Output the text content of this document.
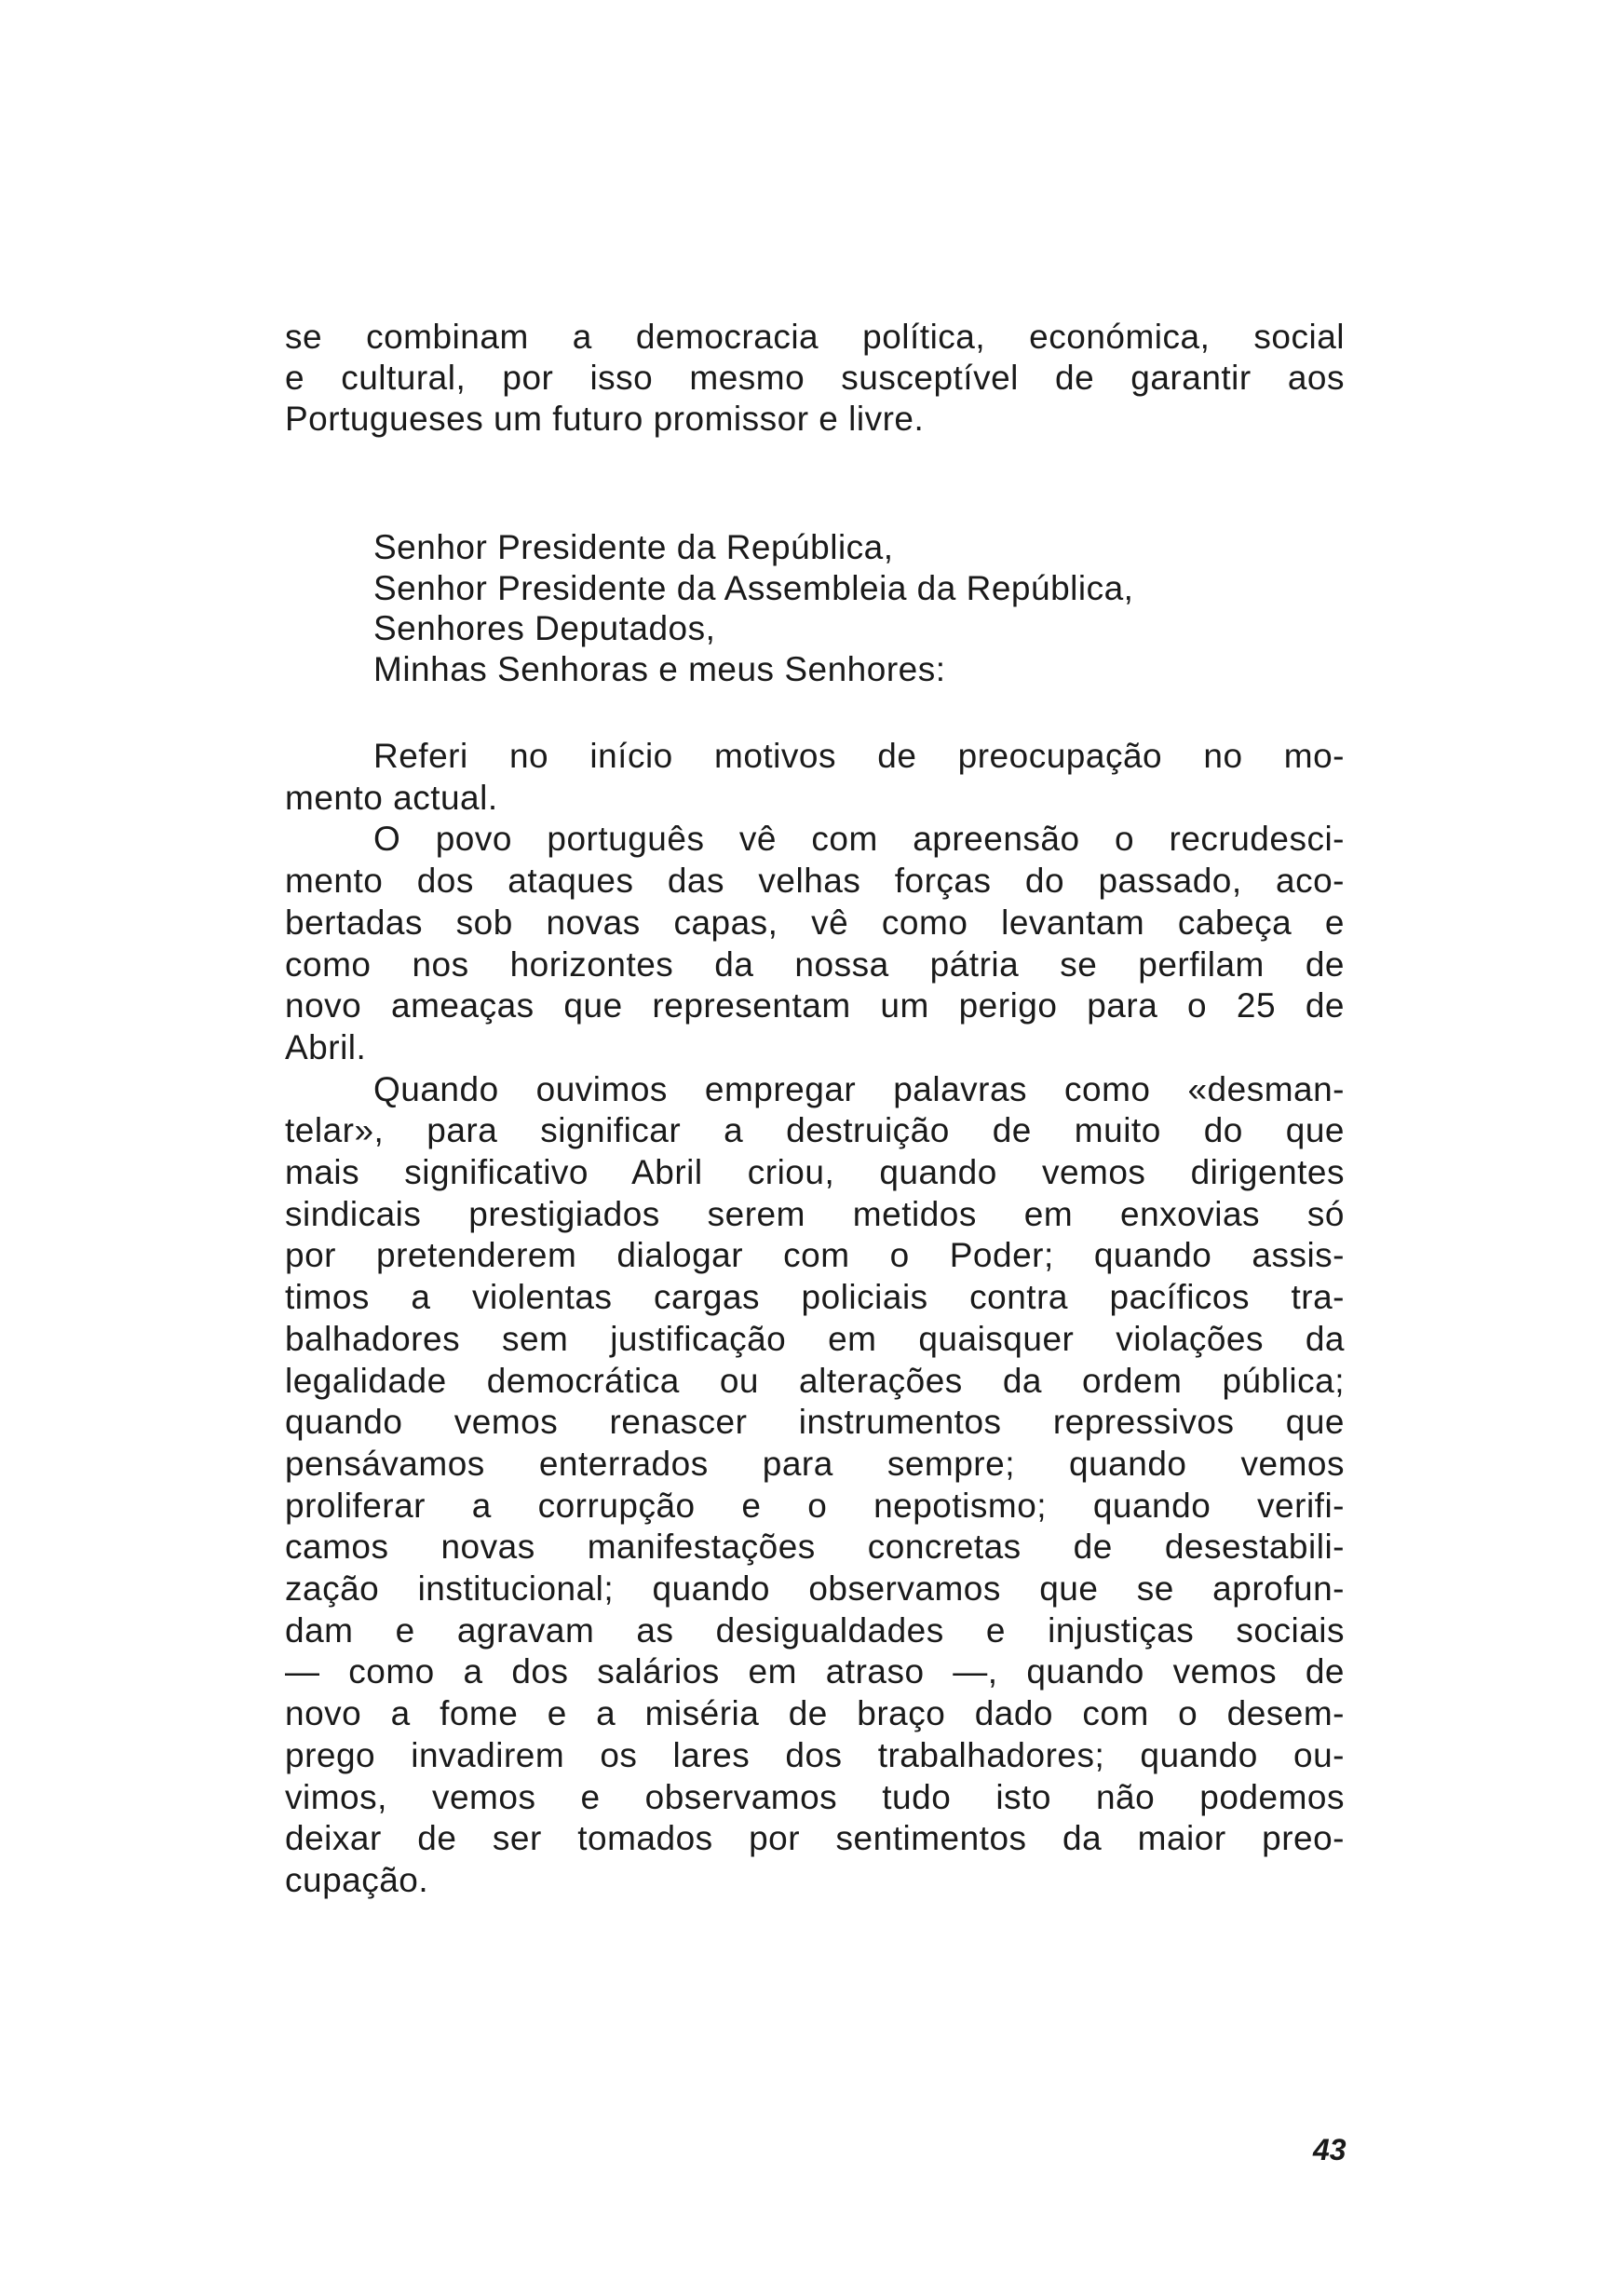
se combinam a democracia política, económica, social
e cultural, por isso mesmo susceptível de garantir aos
Portugueses um futuro promissor e livre.
Senhor Presidente da República,
Senhor Presidente da Assembleia da República,
Senhores Deputados,
Minhas Senhoras e meus Senhores:
Referi no início motivos de preocupação no mo-
mento actual.
O povo português vê com apreensão o recrudesci-
mento dos ataques das velhas forças do passado, aco-
bertadas sob novas capas, vê como levantam cabeça e
como nos horizontes da nossa pátria se perfilam de
novo ameaças que representam um perigo para o 25 de
Abril.
Quando ouvimos empregar palavras como «desman-
telar», para significar a destruição de muito do que
mais significativo Abril criou, quando vemos dirigentes
sindicais prestigiados serem metidos em enxovias só
por pretenderem dialogar com o Poder; quando assis-
timos a violentas cargas policiais contra pacíficos tra-
balhadores sem justificação em quaisquer violações da
legalidade democrática ou alterações da ordem pública;
quando vemos renascer instrumentos repressivos que
pensávamos enterrados para sempre; quando vemos
proliferar a corrupção e o nepotismo; quando verifi-
camos novas manifestações concretas de desestabili-
zação institucional; quando observamos que se aprofun-
dam e agravam as desigualdades e injustiças sociais
— como a dos salários em atraso —, quando vemos de
novo a fome e a miséria de braço dado com o desem-
prego invadirem os lares dos trabalhadores; quando ou-
vimos, vemos e observamos tudo isto não podemos
deixar de ser tomados por sentimentos da maior preo-
cupação.
43
